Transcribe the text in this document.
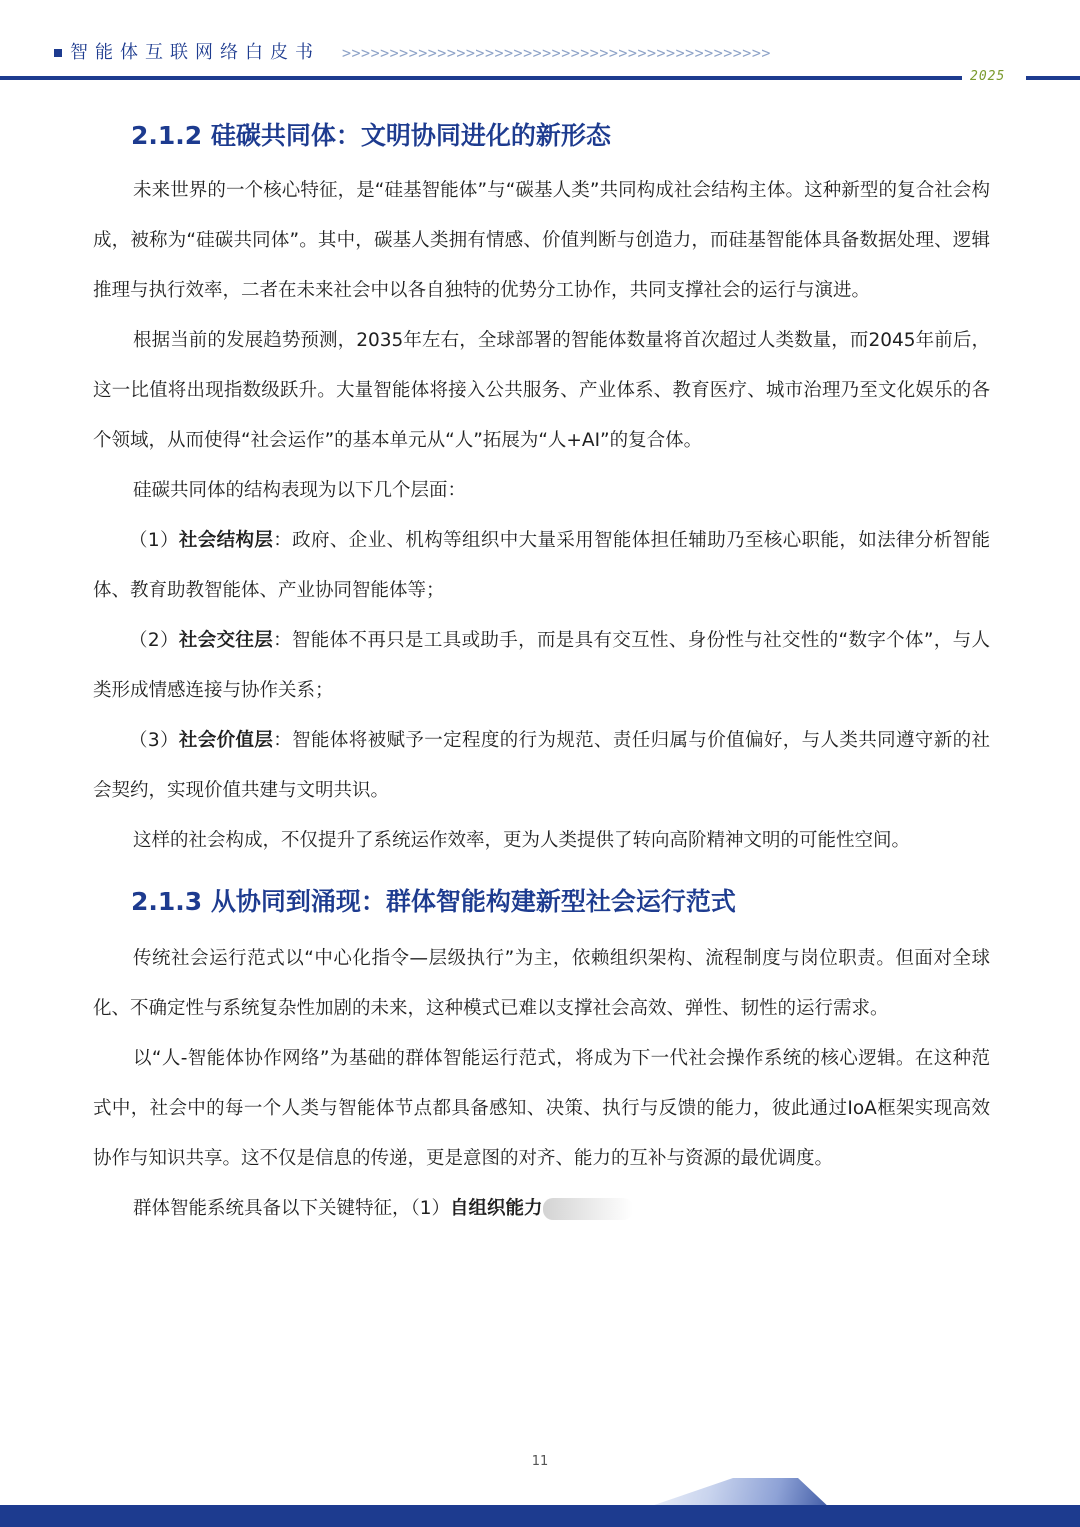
智能体互联网络白皮书 >>>>>>>>>>>>>>>>>>>>>>>>>>>>>>>>>>>>>>>>>>>>>
2025
2.1.2 硅碳共同体：文明协同进化的新形态

未来世界的一个核心特征，是“硅基智能体”与“碳基人类”共同构成社会结构主体。这种新型的复合社会构成，被称为“硅碳共同体”。其中，碳基人类拥有情感、价值判断与创造力，而硅基智能体具备数据处理、逻辑推理与执行效率，二者在未来社会中以各自独特的优势分工协作，共同支撑社会的运行与演进。

根据当前的发展趋势预测，2035年左右，全球部署的智能体数量将首次超过人类数量，而2045年前后，这一比值将出现指数级跃升。大量智能体将接入公共服务、产业体系、教育医疗、城市治理乃至文化娱乐的各个领域，从而使得“社会运作”的基本单元从“人”拓展为“人+AI”的复合体。

硅碳共同体的结构表现为以下几个层面：

（1）社会结构层：政府、企业、机构等组织中大量采用智能体担任辅助乃至核心职能，如法律分析智能体、教育助教智能体、产业协同智能体等；

（2）社会交往层：智能体不再只是工具或助手，而是具有交互性、身份性与社交性的“数字个体”，与人类形成情感连接与协作关系；

（3）社会价值层：智能体将被赋予一定程度的行为规范、责任归属与价值偏好，与人类共同遵守新的社会契约，实现价值共建与文明共识。

这样的社会构成，不仅提升了系统运作效率，更为人类提供了转向高阶精神文明的可能性空间。

2.1.3 从协同到涌现：群体智能构建新型社会运行范式

传统社会运行范式以“中心化指令—层级执行”为主，依赖组织架构、流程制度与岗位职责。但面对全球化、不确定性与系统复杂性加剧的未来，这种模式已难以支撑社会高效、弹性、韧性的运行需求。

以“人-智能体协作网络”为基础的群体智能运行范式，将成为下一代社会操作系统的核心逻辑。在这种范式中，社会中的每一个人类与智能体节点都具备感知、决策、执行与反馈的能力，彼此通过IoA框架实现高效协作与知识共享。这不仅是信息的传递，更是意图的对齐、能力的互补与资源的最优调度。

群体智能系统具备以下关键特征，（1）自组织能力

11
